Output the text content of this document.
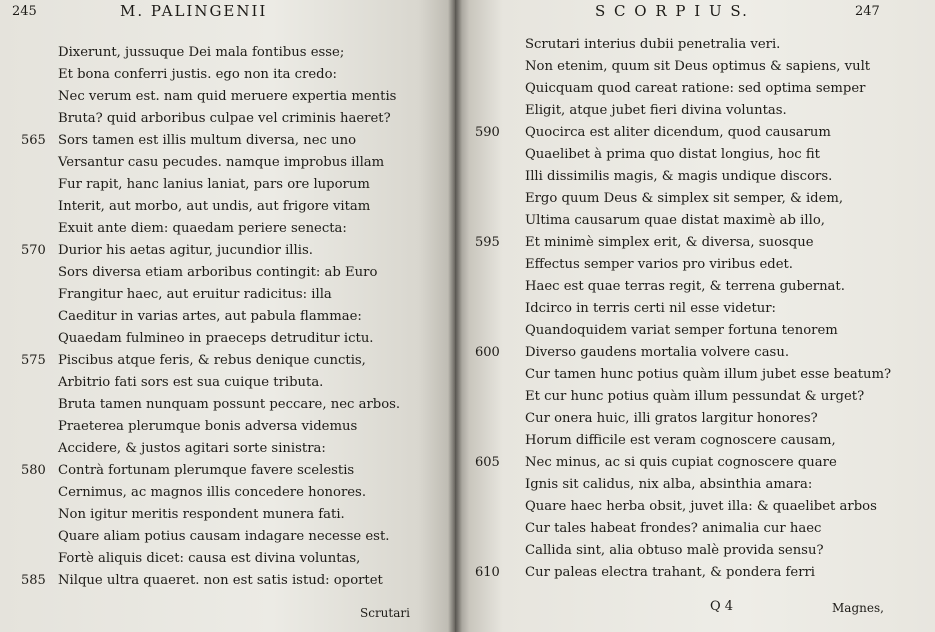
245	M. PALINGENII
Dixerunt, jussuque Dei mala fontibus esse;
Et bona conferri justis. ego non ita credo:
Nec verum est. nam quid meruere expertia mentis
Bruta? quid arboribus culpae vel criminis haeret?
565 Sors tamen est illis multum diversa, nec uno
Versantur casu pecudes. namque improbus illam
Fur rapit, hanc lanius laniat, pars ore luporum
Interit, aut morbo, aut undis, aut frigore vitam
Exuit ante diem: quaedam periere senecta:
570 Durior his aetas agitur, jucundior illis.
Sors diversa etiam arboribus contingit: ab Euro
Frangitur haec, aut eruitur radicitus: illa
Caeditur in varias artes, aut pabula flammae:
Quaedam fulmineo in praeceps detruditur ictu.
575 Piscibus atque feris, & rebus denique cunctis,
Arbitrio fati sors est sua cuique tributa.
Bruta tamen nunquam possunt peccare, nec arbos.
Praeterea plerumque bonis adversa videmus
Accidere, & justos agitari sorte sinistra:
580 Contrà fortunam plerumque favere scelestis
Cernimus, ac magnos illis concedere honores.
Non igitur meritis respondent munera fati.
Quare aliam potius causam indagare necesse est.
Fortè aliquis dicet: causa est divina voluntas,
585 Nilque ultra quaeret. non est satis istud: oportet
Scrutari
S C O R P I U S.	247
Scrutari interius dubii penetralia veri.
Non etenim, quum sit Deus optimus & sapiens, vult
Quicquam quod careat ratione: sed optima semper
Eligit, atque jubet fieri divina voluntas.
590 Quocirca est aliter dicendum, quod causarum
Quaelibet à prima quo distat longius, hoc fit
Illi dissimilis magis, & magis undique discors.
Ergo quum Deus & simplex sit semper, & idem,
Ultima causarum quae distat maximè ab illo,
595 Et minimè simplex erit, & diversa, suosque
Effectus semper varios pro viribus edet.
Haec est quae terras regit, & terrena gubernat.
Idcirco in terris certi nil esse videtur:
Quandoquidem variat semper fortuna tenorem
600 Diverso gaudens mortalia volvere casu.
Cur tamen hunc potius quàm illum jubet esse beatum?
Et cur hunc potius quàm illum pessundat & urget?
Cur onera huic, illi gratos largitur honores?
Horum difficile est veram cognoscere causam,
605 Nec minus, ac si quis cupiat cognoscere quare
Ignis sit calidus, nix alba, absinthia amara:
Quare haec herba obsit, juvet illa: & quaelibet arbos
Cur tales habeat frondes? animalia cur haec
Callida sint, alia obtuso malè provida sensu?
610 Cur paleas electra trahant, & pondera ferri
Q 4	Magnes,
